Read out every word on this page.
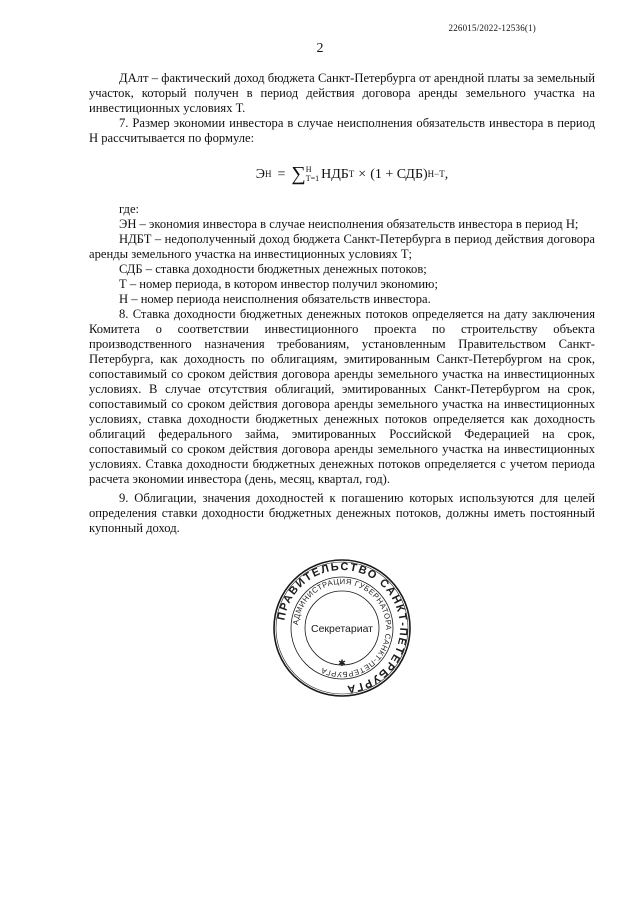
226015/2022-12536(1)
2

ДАлт – фактический доход бюджета Санкт-Петербурга от арендной платы за земельный участок, который получен в период действия договора аренды земельного участка на инвестиционных условиях Т.

7. Размер экономии инвестора в случае неисполнения обязательств инвестора в период Н рассчитывается по формуле:

Э Н = ∑ Н
Т=1 НДБ Т × (1 + СДБ) Н−Т ,

где:

ЭН – экономия инвестора в случае неисполнения обязательств инвестора в период Н;

НДБТ – недополученный доход бюджета Санкт-Петербурга в период действия договора аренды земельного участка на инвестиционных условиях Т;

СДБ – ставка доходности бюджетных денежных потоков;

Т – номер периода, в котором инвестор получил экономию;

Н – номер периода неисполнения обязательств инвестора.

8. Ставка доходности бюджетных денежных потоков определяется на дату заключения Комитета о соответствии инвестиционного проекта по строительству объекта производственного назначения требованиям, установленным Правительством Санкт-Петербурга, как доходность по облигациям, эмитированным Санкт-Петербургом на срок, сопоставимый со сроком действия договора аренды земельного участка на инвестиционных условиях. В случае отсутствия облигаций, эмитированных Санкт-Петербургом на срок, сопоставимый со сроком действия договора аренды земельного участка на инвестиционных условиях, ставка доходности бюджетных денежных потоков определяется как доходность облигаций федерального займа, эмитированных Российской Федерацией на срок, сопоставимый со сроком действия договора аренды земельного участка на инвестиционных условиях. Ставка доходности бюджетных денежных потоков определяется с учетом периода расчета экономии инвестора (день, месяц, квартал, год).

9. Облигации, значения доходностей к погашению которых используются для целей определения ставки доходности бюджетных денежных потоков, должны иметь постоянный купонный доход.

ПРАВИТЕЛЬСТВО САНКТ-ПЕТЕРБУРГА
АДМИНИСТРАЦИЯ ГУБЕРНАТОРА САНКТ-ПЕТЕРБУРГА
Секретариат
✱
